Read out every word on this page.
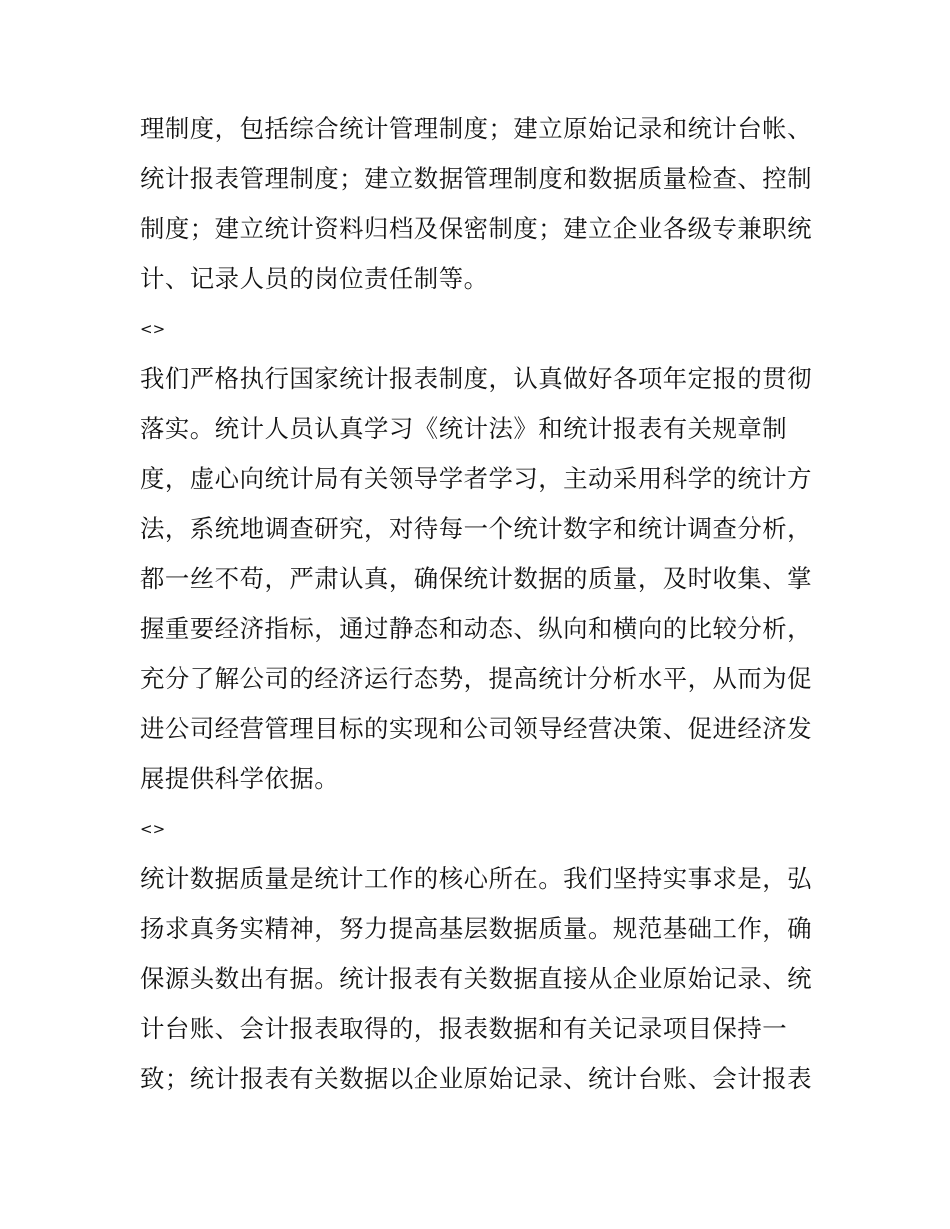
理制度，包括综合统计管理制度；建立原始记录和统计台帐、
统计报表管理制度；建立数据管理制度和数据质量检查、控制
制度；建立统计资料归档及保密制度；建立企业各级专兼职统
计、记录人员的岗位责任制等。
<>
我们严格执行国家统计报表制度，认真做好各项年定报的贯彻
落实。统计人员认真学习《统计法》和统计报表有关规章制
度，虚心向统计局有关领导学者学习，主动采用科学的统计方
法，系统地调查研究，对待每一个统计数字和统计调查分析，
都一丝不苟，严肃认真，确保统计数据的质量，及时收集、掌
握重要经济指标，通过静态和动态、纵向和横向的比较分析，
充分了解公司的经济运行态势，提高统计分析水平，从而为促
进公司经营管理目标的实现和公司领导经营决策、促进经济发
展提供科学依据。
<>
统计数据质量是统计工作的核心所在。我们坚持实事求是，弘
扬求真务实精神，努力提高基层数据质量。规范基础工作，确
保源头数出有据。统计报表有关数据直接从企业原始记录、统
计台账、会计报表取得的，报表数据和有关记录项目保持一
致；统计报表有关数据以企业原始记录、统计台账、会计报表
